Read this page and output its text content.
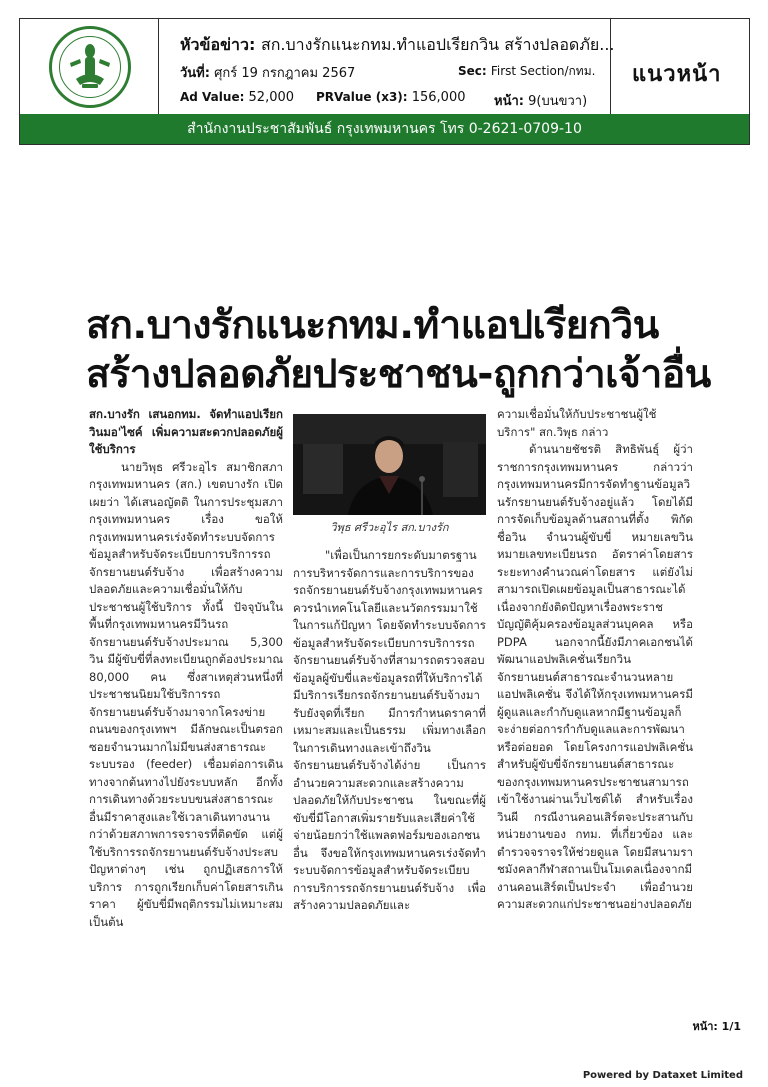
หัวข้อข่าว: สก.บางรักแนะกทม.ทำแอปเรียกวิน สร้างปลอดภัย...
วันที่: ศุกร์ 19 กรกฎาคม 2567	Sec: First Section/กทม.
Ad Value: 52,000 PRValue (x3): 156,000 หน้า: 9(บนขวา)
แนวหน้า
สำนักงานประชาสัมพันธ์ กรุงเทพมหานคร โทร 0-2621-0709-10
สก.บางรักแนะกทม.ทำแอปเรียกวิน
สร้างปลอดภัยประชาชน-ถูกกว่าเจ้าอื่น

สก.บางรัก เสนอกทม. จัดทำแอปเรียกวินมอ'ไซค์ เพิ่มความสะดวกปลอดภัยผู้ใช้บริการ

นายวิพุธ ศรีวะอุไร สมาชิกสภากรุงเทพมหานคร (สก.) เขตบางรัก เปิดเผยว่า ได้เสนอญัตติ ในการประชุมสภากรุงเทพมหานคร เรื่อง ขอให้กรุงเทพมหานครเร่งจัดทำระบบจัดการข้อมูลสำหรับจัดระเบียบการบริการรถจักรยานยนต์รับจ้าง เพื่อสร้างความปลอดภัยและความเชื่อมั่นให้กับประชาชนผู้ใช้บริการ ทั้งนี้ ปัจจุบันในพื้นที่กรุงเทพมหานครมีวินรถจักรยานยนต์รับจ้างประมาณ 5,300 วิน มีผู้ขับขี่ที่ลงทะเบียนถูกต้องประมาณ 80,000 คน ซึ่งสาเหตุส่วนหนึ่งที่ประชาชนนิยมใช้บริการรถจักรยานยนต์รับจ้างมาจากโครงข่ายถนนของกรุงเทพฯ มีลักษณะเป็นตรอก ซอยจำนวนมากไม่มีขนส่งสาธารณะระบบรอง (feeder) เชื่อมต่อการเดินทางจากต้นทางไปยังระบบหลัก อีกทั้งการเดินทางด้วยระบบขนส่งสาธารณะอื่นมีราคาสูงและใช้เวลาเดินทางนานกว่าด้วยสภาพการจราจรที่ติดขัด แต่ผู้ใช้บริการรถจักรยานยนต์รับจ้างประสบปัญหาต่างๆ เช่น ถูกปฏิเสธการให้บริการ การถูกเรียกเก็บค่าโดยสารเกินราคา ผู้ขับขี่มีพฤติกรรมไม่เหมาะสม เป็นต้น

วิพุธ ศรีวะอุไร สก.บางรัก

"เพื่อเป็นการยกระดับมาตรฐานการบริหารจัดการและการบริการของรถจักรยานยนต์รับจ้างกรุงเทพมหานครควรนำเทคโนโลยีและนวัตกรรมมาใช้ในการแก้ปัญหา โดยจัดทำระบบจัดการข้อมูลสำหรับจัดระเบียบการบริการรถจักรยานยนต์รับจ้างที่สามารถตรวจสอบข้อมูลผู้ขับขี่และข้อมูลรถที่ให้บริการได้ มีบริการเรียกรถจักรยานยนต์รับจ้างมารับยังจุดที่เรียก มีการกำหนดราคาที่เหมาะสมและเป็นธรรม เพิ่มทางเลือกในการเดินทางและเข้าถึงวินจักรยานยนต์รับจ้างได้ง่าย เป็นการอำนวยความสะดวกและสร้างความปลอดภัยให้กับประชาชน ในขณะที่ผู้ขับขี่มีโอกาสเพิ่มรายรับและเสียค่าใช้จ่ายน้อยกว่าใช้แพลตฟอร์มของเอกชนอื่น จึงขอให้กรุงเทพมหานครเร่งจัดทำระบบจัดการข้อมูลสำหรับจัดระเบียบการบริการรถจักรยานยนต์รับจ้าง เพื่อสร้างความปลอดภัยและ

ความเชื่อมั่นให้กับประชาชนผู้ใช้บริการ" สก.วิพุธ กล่าว

ด้านนายชัชรติ สิทธิพันธุ์ ผู้ว่าราชการกรุงเทพมหานคร กล่าวว่า กรุงเทพมหานครมีการจัดทำฐานข้อมูลวินรักรยานยนต์รับจ้างอยู่แล้ว โดยได้มีการจัดเก็บข้อมูลด้านสถานที่ตั้ง พิกัด ชื่อวิน จำนวนผู้ขับขี่ หมายเลขวิน หมายเลขทะเบียนรถ อัตราค่าโดยสาร ระยะทางคำนวณค่าโดยสาร แต่ยังไม่สามารถเปิดเผยข้อมูลเป็นสาธารณะได้ เนื่องจากยังติดปัญหาเรื่องพระราชบัญญัติคุ้มครองข้อมูลส่วนบุคคล หรือ PDPA นอกจากนี้ยังมีภาคเอกชนได้พัฒนาแอปพลิเคชั่นเรียกวินจักรยานยนต์สาธารณะจำนวนหลายแอปพลิเคชั่น จึงได้ให้กรุงเทพมหานครมีผู้ดูแลและกำกับดูแลหากมีฐานข้อมูลก็จะง่ายต่อการกำกับดูแลและการพัฒนาหรือต่อยอด โดยโครงการแอปพลิเคชั่นสำหรับผู้ขับขี่จักรยานยนต์สาธารณะของกรุงเทพมหานครประชาชนสามารถเข้าใช้งานผ่านเว็บไซต์ได้ สำหรับเรื่องวินผี กรณีงานคอนเสิร์ตจะประสานกับหน่วยงานของ กทม. ที่เกี่ยวข้อง และตำรวจจราจรให้ช่วยดูแล โดยมีสนามราชมังคลากีฬาสถานเป็นโมเดลเนื่องจากมีงานคอนเสิร์ตเป็นประจำ เพื่ออำนวยความสะดวกแก่ประชาชนอย่างปลอดภัย

หน้า: 1/1
Powered by Dataxet Limited
